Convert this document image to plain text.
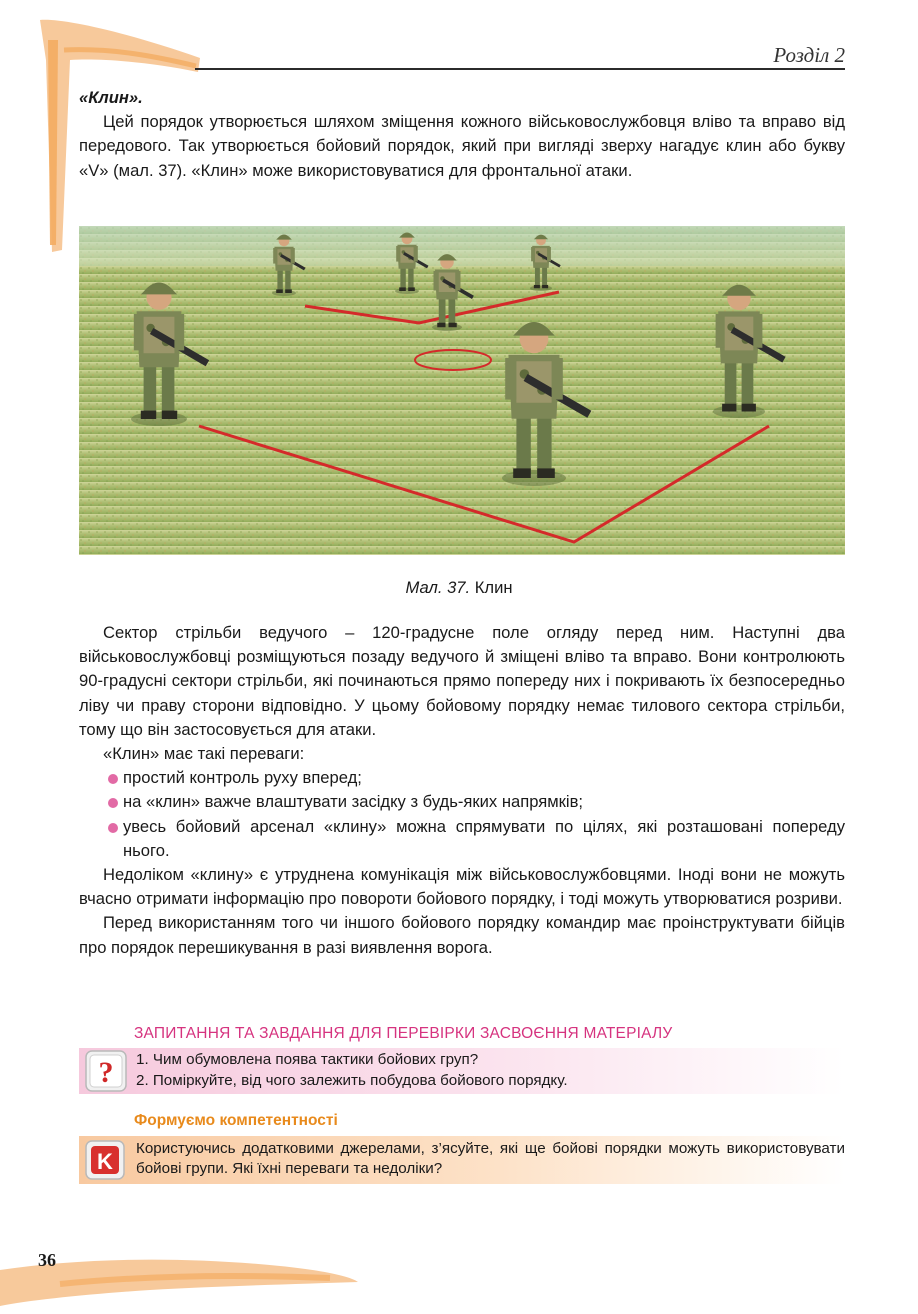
Розділ 2

«Клин».

Цей порядок утворюється шляхом зміщення кожного військовослужбовця вліво та вправо від передового. Так утворюється бойовий порядок, який при вигляді зверху нагадує клин або букву «V» (мал. 37). «Клин» може використовуватися для фронтальної атаки.

Мал. 37. Клин

Сектор стрільби ведучого – 120-градусне поле огляду перед ним. Наступні два військовослужбовці розміщуються позаду ведучого й зміщені вліво та вправо. Вони контролюють 90-градусні сектори стрільби, які починаються прямо попереду них і покривають їх безпосередньо ліву чи праву сторони відповідно. У цьому бойовому порядку немає тилового сектора стрільби, тому що він застосовується для атаки.

«Клин» має такі переваги:

простий контроль руху вперед;

на «клин» важче влаштувати засідку з будь-яких напрямків;

увесь бойовий арсенал «клину» можна спрямувати по цілях, які розташовані попереду нього.

Недоліком «клину» є утруднена комунікація між військовослужбовцями. Іноді вони не можуть вчасно отримати інформацію про повороти бойового порядку, і тоді можуть утворюватися розриви.

Перед використанням того чи іншого бойового порядку командир має проінструктувати бійців про порядок перешикування в разі виявлення ворога.

ЗАПИТАННЯ ТА ЗАВДАННЯ ДЛЯ ПЕРЕВІРКИ ЗАСВОЄННЯ МАТЕРІАЛУ
? 1. Чим обумовлена поява тактики бойових груп?
2. Поміркуйте, від чого залежить побудова бойового порядку.
Формуємо компетентності
K
Користуючись додатковими джерелами, з’ясуйте, які ще бойові порядки можуть використовувати бойові групи. Які їхні переваги та недоліки?
36
